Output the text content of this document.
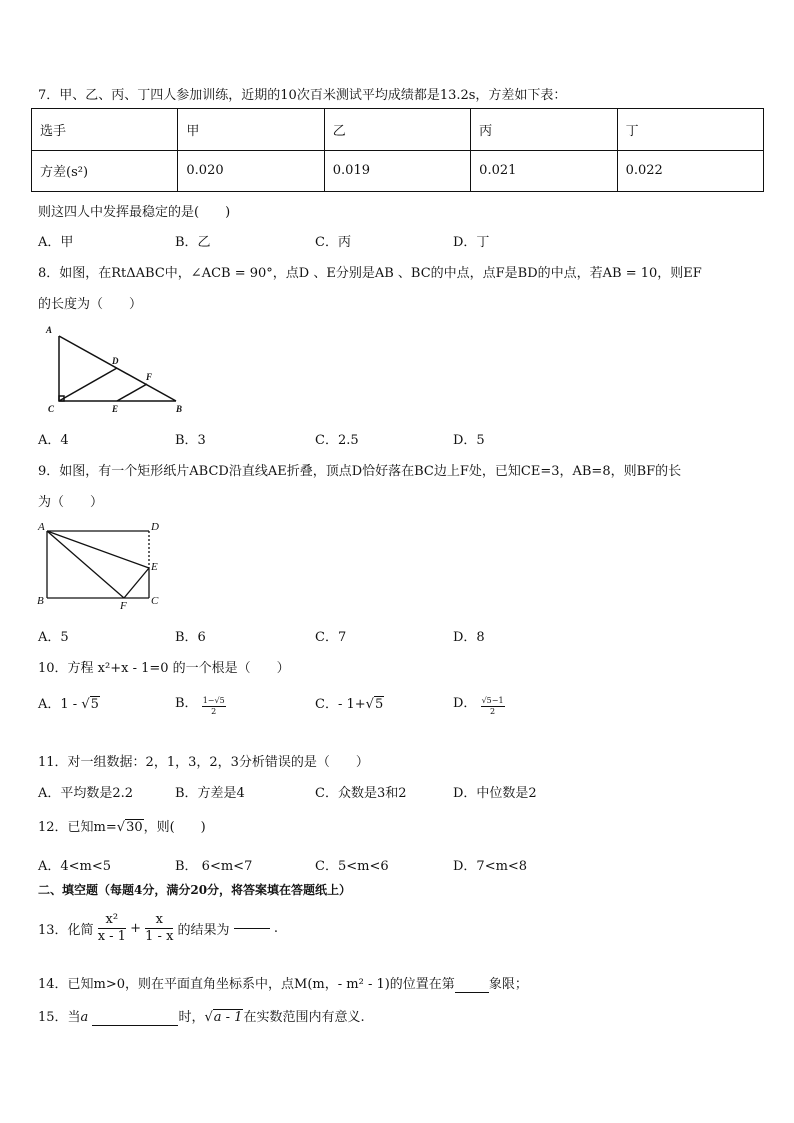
7．甲、乙、丙、丁四人参加训练，近期的10次百米测试平均成绩都是13.2s，方差如下表：
选手	甲	乙	丙	丁
方差(s²)	0.020	0.019	0.021	0.022
则这四人中发挥最稳定的是(　　)
A．甲	B．乙	C．丙	D．丁
8．如图，在RtΔABC中，∠ACB = 90°，点D 、E分别是AB 、BC的中点，点F是BD的中点，若AB = 10，则EF
的长度为（　　）
A
D
F
C	E	B
A．4	B．3	C．2.5	D．5
9．如图，有一个矩形纸片ABCD沿直线AE折叠，顶点D恰好落在BC边上F处，已知CE=3，AB=8，则BF的长
为（　　）
A	D
E
B	F C
A．5	B．6	C．7	D．8
10．方程 x²+x - 1=0 的一个根是（　　）
A．1 - √5	B． $\frac{1-√5}{2}$	C．- 1+√5	D． $\frac{√5-1}{2}$
11．对一组数据：2，1，3，2，3分析错误的是（　　）
A．平均数是2.2	B．方差是4	C．众数是3和2	D．中位数是2
12．已知m=√30，则(　　)
A．4<m<5	B． 6<m<7	C．5<m<6	D．7<m<8
二、填空题（每题4分，满分20分，将答案填在答题纸上）
13．化简 $\frac{\text{x²}}{x - 1} + \frac{x}{1 - x}$ 的结果为	.
14．已知m>0，则在平面直角坐标系中，点M(m，- m² - 1)的位置在第	象限；
15．当a	时，√a - 1在实数范围内有意义.
